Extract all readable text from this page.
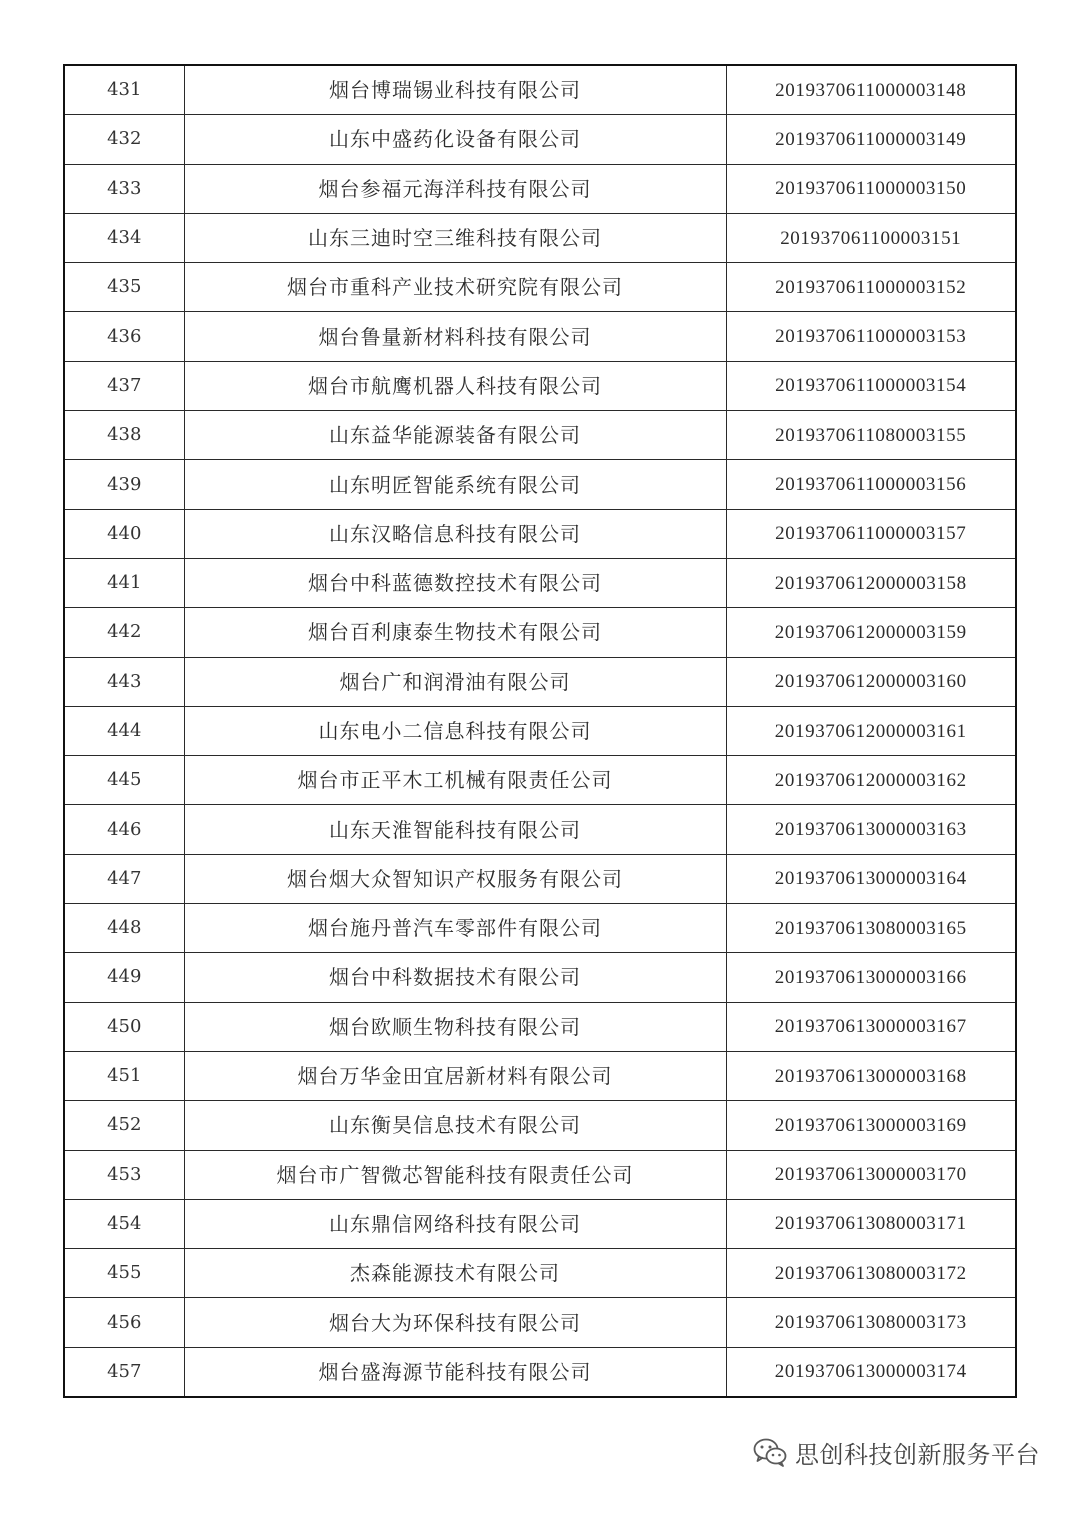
431	烟台博瑞锡业科技有限公司	2019370611000003148
432	山东中盛药化设备有限公司	2019370611000003149
433	烟台参福元海洋科技有限公司	2019370611000003150
434	山东三迪时空三维科技有限公司	201937061100003151
435	烟台市重科产业技术研究院有限公司	2019370611000003152
436	烟台鲁量新材料科技有限公司	2019370611000003153
437	烟台市航鹰机器人科技有限公司	2019370611000003154
438	山东益华能源装备有限公司	2019370611080003155
439	山东明匠智能系统有限公司	2019370611000003156
440	山东汉略信息科技有限公司	2019370611000003157
441	烟台中科蓝德数控技术有限公司	2019370612000003158
442	烟台百利康泰生物技术有限公司	2019370612000003159
443	烟台广和润滑油有限公司	2019370612000003160
444	山东电小二信息科技有限公司	2019370612000003161
445	烟台市正平木工机械有限责任公司	2019370612000003162
446	山东天淮智能科技有限公司	2019370613000003163
447	烟台烟大众智知识产权服务有限公司	2019370613000003164
448	烟台施丹普汽车零部件有限公司	2019370613080003165
449	烟台中科数据技术有限公司	2019370613000003166
450	烟台欧顺生物科技有限公司	2019370613000003167
451	烟台万华金田宜居新材料有限公司	2019370613000003168
452	山东衡昊信息技术有限公司	2019370613000003169
453	烟台市广智微芯智能科技有限责任公司	2019370613000003170
454	山东鼎信网络科技有限公司	2019370613080003171
455	杰森能源技术有限公司	2019370613080003172
456	烟台大为环保科技有限公司	2019370613080003173
457	烟台盛海源节能科技有限公司	2019370613000003174
思创科技创新服务平台
